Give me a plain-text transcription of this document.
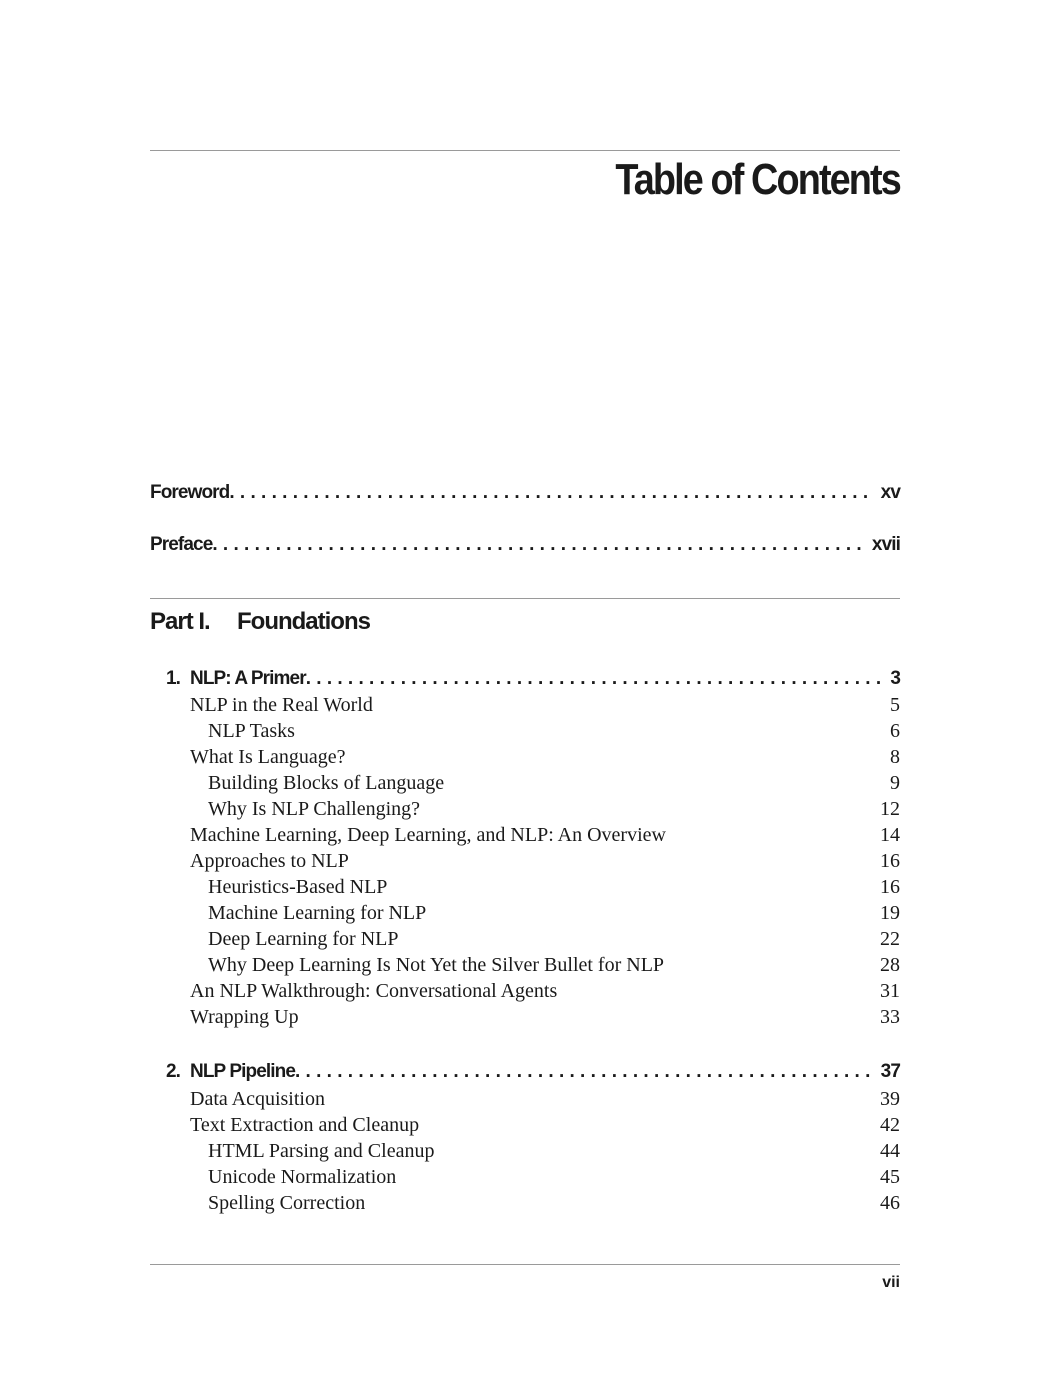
Table of Contents
Foreword . . .	xv
Preface . . .	xvii
Part I. Foundations
1. NLP: A Primer . . .	3
NLP in the Real World	5
NLP Tasks	6
What Is Language?	8
Building Blocks of Language	9
Why Is NLP Challenging?	12
Machine Learning, Deep Learning, and NLP: An Overview	14
Approaches to NLP	16
Heuristics-Based NLP	16
Machine Learning for NLP	19
Deep Learning for NLP	22
Why Deep Learning Is Not Yet the Silver Bullet for NLP	28
An NLP Walkthrough: Conversational Agents	31
Wrapping Up	33
2. NLP Pipeline . . .	37
Data Acquisition	39
Text Extraction and Cleanup	42
HTML Parsing and Cleanup	44
Unicode Normalization	45
Spelling Correction	46
vii
